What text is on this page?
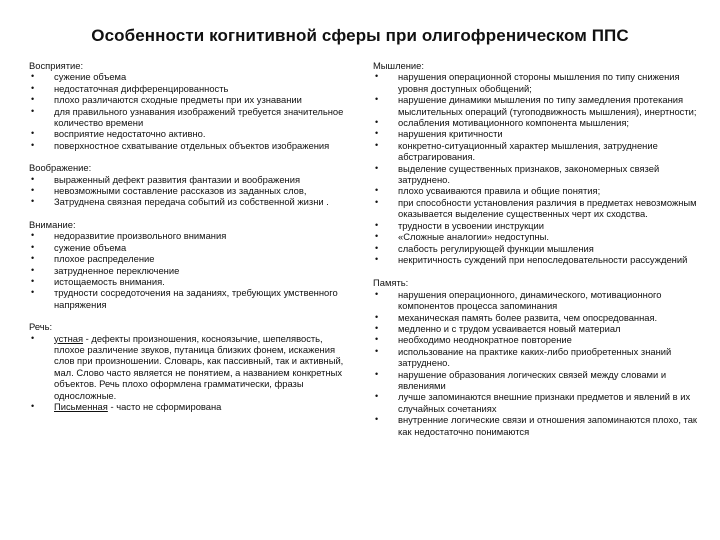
Особенности когнитивной сферы при олигофреническом ППС
Восприятие:
• сужение объема
• недостаточная дифференцированность
• плохо различаются сходные предметы при их узнавании
• для правильного узнавания изображений требуется значительное количество времени
• восприятие недостаточно активно.
• поверхностное схватывание отдельных объектов изображения
Воображение:
• выраженный дефект развития фантазии и воображения
• невозможными составление рассказов из заданных слов,
• Затруднена связная передача событий из собственной жизни .
Внимание:
• недоразвитие произвольного внимания
• сужение объема
• плохое распределение
• затрудненное переключение
• истощаемость внимания.
• трудности сосредоточения на заданиях, требующих умственного напряжения
Речь:
• устная - дефекты произношения, косноязычие, шепелявость, плохое различение звуков, путаница близких фонем, искажения слов при произношении. Словарь, как пассивный, так и активный, мал. Слово часто является не понятием, а названием конкретных объектов. Речь плохо оформлена грамматически, фразы односложные.
• Письменная - часто не сформирована
Мышление:
• нарушения операционной стороны мышления по типу снижения уровня доступных обобщений;
• нарушение динамики мышления по типу замедления протекания мыслительных операций (тугоподвижность мышления), инертности;
• ослабления мотивационного компонента мышления;
• нарушения критичности
• конкретно-ситуационный характер мышления, затруднение абстрагирования.
• выделение существенных признаков, закономерных связей затруднено.
• плохо усваиваются правила и общие понятия;
• при способности установления различия в предметах невозможным оказывается выделение существенных черт их сходства.
• трудности в усвоении инструкции
• «Сложные аналогии» недоступны.
• слабость регулирующей функции мышления
• некритичность суждений при непоследовательности рассуждений
Память:
• нарушения операционного, динамического, мотивационного компонентов процесса запоминания
• механическая память более развита, чем опосредованная.
• медленно и с трудом усваивается новый материал
• необходимо неоднократное повторение
• использование на практике каких-либо приобретенных знаний затруднено.
• нарушение образования логических связей между словами и явлениями
• лучше запоминаются внешние признаки предметов и явлений в их случайных сочетаниях
• внутренние логические связи и отношения запоминаются плохо, так как недостаточно понимаются
